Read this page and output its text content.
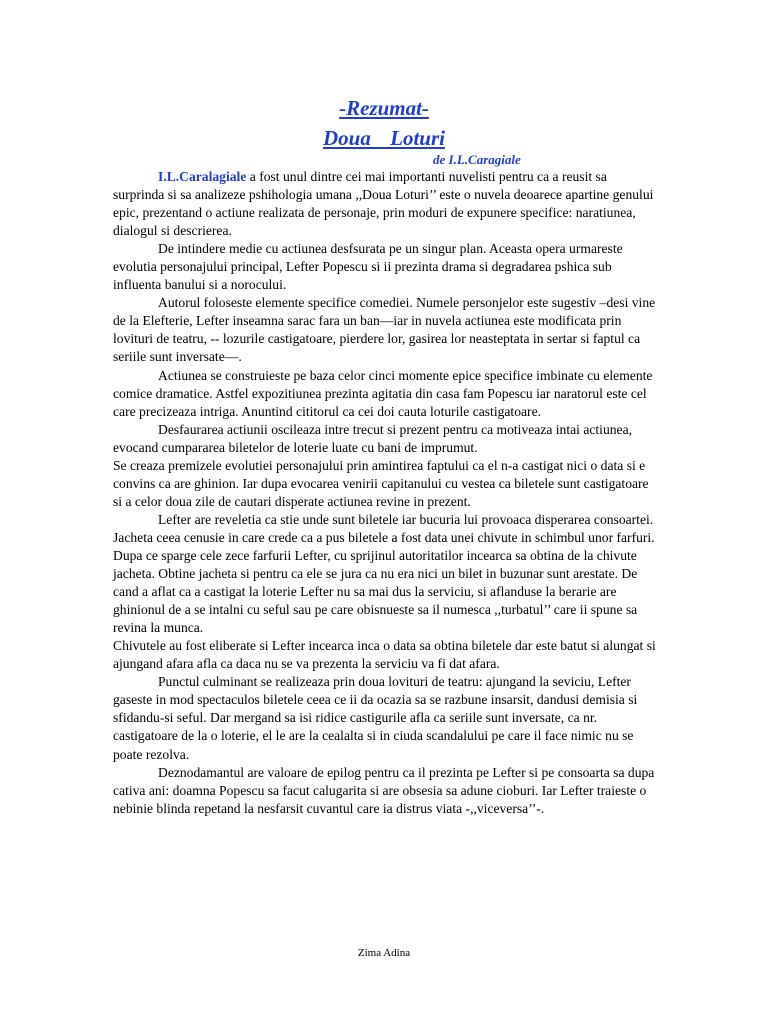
-Rezumat-
Doua Loturi
de I.L.Caragiale

I.L.Caralagiale a fost unul dintre cei mai importanti nuvelisti pentru ca a reusit sa surprinda si sa analizeze pshihologia umana ,,Doua Loturi’’ este o nuvela deoarece apartine genului epic, prezentand o actiune realizata de personaje, prin moduri de expunere specifice: naratiunea, dialogul si descrierea.

De intindere medie cu actiunea desfsurata pe un singur plan. Aceasta opera urmareste evolutia personajului principal, Lefter Popescu si ii prezinta drama si degradarea pshica sub influenta banului si a norocului.

Autorul foloseste elemente specifice comediei. Numele personjelor este sugestiv –desi vine de la Elefterie, Lefter inseamna sarac fara un ban—iar in nuvela actiunea este modificata prin lovituri de teatru, -- lozurile castigatoare, pierdere lor, gasirea lor neasteptata in sertar si faptul ca seriile sunt inversate—.

Actiunea se construieste pe baza celor cinci momente epice specifice imbinate cu elemente comice dramatice. Astfel expozitiunea prezinta agitatia din casa fam Popescu iar naratorul este cel care precizeaza intriga. Anuntind cititorul ca cei doi cauta loturile castigatoare.

Desfaurarea actiunii oscileaza intre trecut si prezent pentru ca motiveaza intai actiunea, evocand cumpararea biletelor de loterie luate cu bani de imprumut.

Se creaza premizele evolutiei personajului prin amintirea faptului ca el n-a castigat nici o data si e convins ca are ghinion. Iar dupa evocarea venirii capitanului cu vestea ca biletele sunt castigatoare si a celor doua zile de cautari disperate actiunea revine in prezent.

Lefter are reveletia ca stie unde sunt biletele iar bucuria lui provoaca disperarea consoartei. Jacheta ceea cenusie in care crede ca a pus biletele a fost data unei chivute in schimbul unor farfuri.

Dupa ce sparge cele zece farfurii Lefter, cu sprijinul autoritatilor incearca sa obtina de la chivute jacheta. Obtine jacheta si pentru ca ele se jura ca nu era nici un bilet in buzunar sunt arestate. De cand a aflat ca a castigat la loterie Lefter nu sa mai dus la serviciu, si aflanduse la berarie are ghinionul de a se intalni cu seful sau pe care obisnueste sa il numesca ,,turbatul’’ care ii spune sa revina la munca.

Chivutele au fost eliberate si Lefter incearca inca o data sa obtina biletele dar este batut si alungat si ajungand afara afla ca daca nu se va prezenta la serviciu va fi dat afara.

Punctul culminant se realizeaza prin doua lovituri de teatru: ajungand la seviciu, Lefter gaseste in mod spectaculos biletele ceea ce ii da ocazia sa se razbune insarsit, dandusi demisia si sfidandu-si seful. Dar mergand sa isi ridice castigurile afla ca seriile sunt inversate, ca nr. castigatoare de la o loterie, el le are la cealalta si in ciuda scandalului pe care il face nimic nu se poate rezolva.

Deznodamantul are valoare de epilog pentru ca il prezinta pe Lefter si pe consoarta sa dupa cativa ani: doamna Popescu sa facut calugarita si are obsesia sa adune cioburi. Iar Lefter traieste o nebinie blinda repetand la nesfarsit cuvantul care ia distrus viata -,,viceversa’’-.

Zima Adina
